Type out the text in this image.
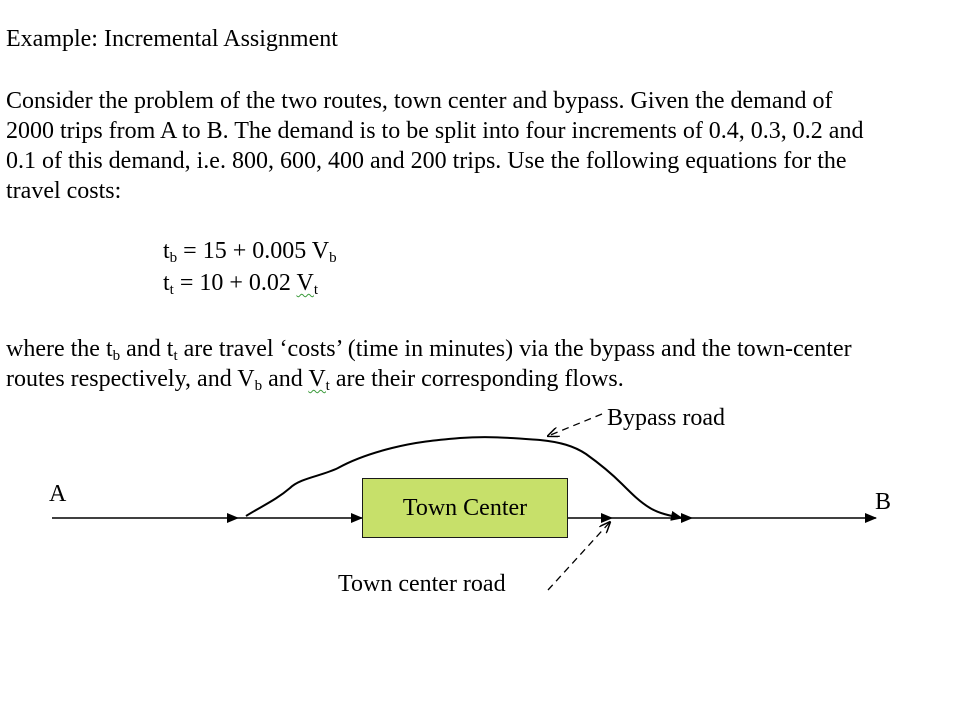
Example: Incremental Assignment

Consider the problem of the two routes, town center and bypass. Given the demand of
2000 trips from A to B. The demand is to be split into four increments of 0.4, 0.3, 0.2 and
0.1 of this demand, i.e. 800, 600, 400 and 200 trips. Use the following equations for the
travel costs:

$t_b = 15 + 0.005$ $V_b$
$t_t = 10 + 0.02$ $V_t$

where the $t_b$ and $t_t$ are travel ‘costs’ (time in minutes) via the bypass and the town-center
routes respectively, and $V_b$ and $V_t$ are their corresponding flows.

Town Center
A	B
Bypass road
Town center road
